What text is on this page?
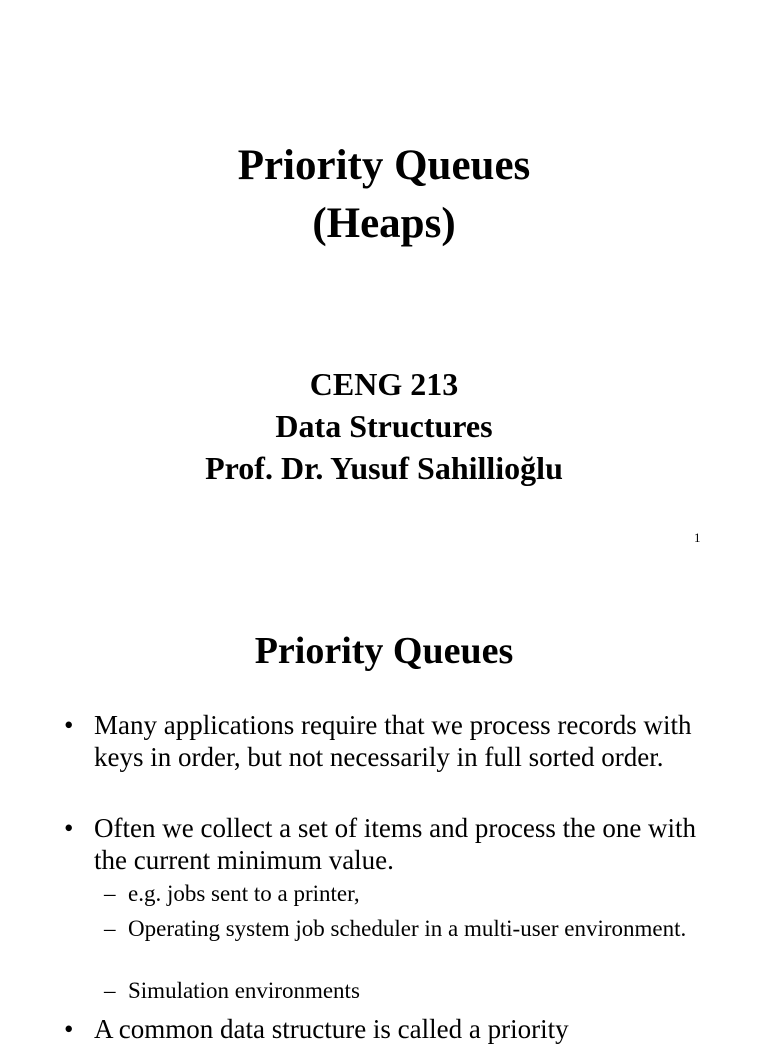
Priority Queues
(Heaps)
CENG 213
Data Structures
Prof. Dr. Yusuf Sahillioğlu
1
Priority Queues
• Many applications require that we process records with keys in order, but not necessarily in full sorted order.
• Often we collect a set of items and process the one with the current minimum value.
– e.g. jobs sent to a printer,
– Operating system job scheduler in a multi-user environment.
– Simulation environments
• A common data structure is called a priority
